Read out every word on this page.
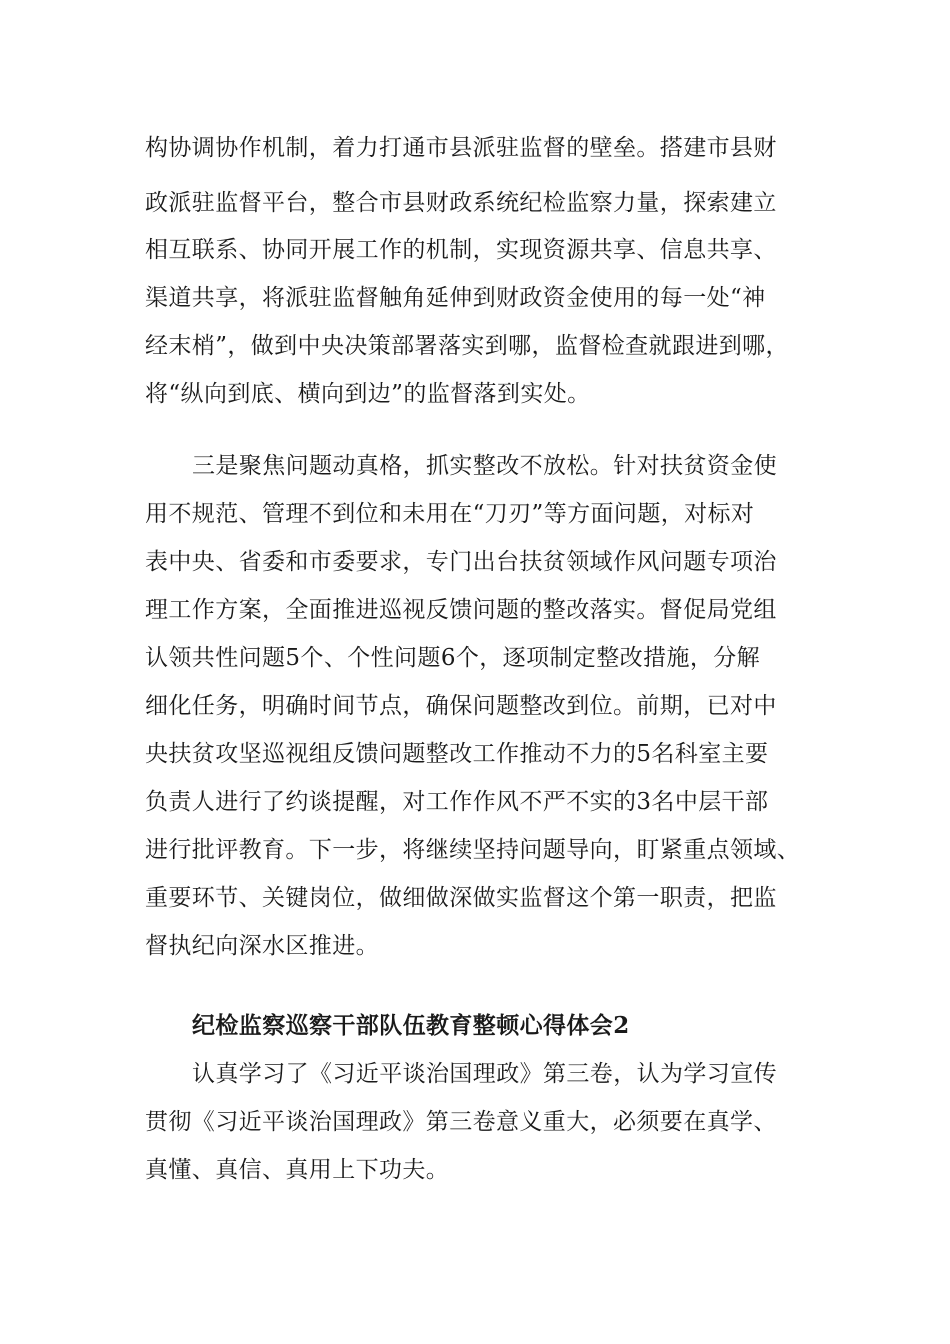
构协调协作机制，着力打通市县派驻监督的壁垒。搭建市县财
政派驻监督平台，整合市县财政系统纪检监察力量，探索建立
相互联系、协同开展工作的机制，实现资源共享、信息共享、
渠道共享，将派驻监督触角延伸到财政资金使用的每一处“神
经末梢”，做到中央决策部署落实到哪，监督检查就跟进到哪，
将“纵向到底、横向到边”的监督落到实处。
三是聚焦问题动真格，抓实整改不放松。针对扶贫资金使
用不规范、管理不到位和未用在“刀刃”等方面问题，对标对
表中央、省委和市委要求，专门出台扶贫领域作风问题专项治
理工作方案，全面推进巡视反馈问题的整改落实。督促局党组
认领共性问题5个、个性问题6个，逐项制定整改措施，分解
细化任务，明确时间节点，确保问题整改到位。前期，已对中
央扶贫攻坚巡视组反馈问题整改工作推动不力的5名科室主要
负责人进行了约谈提醒，对工作作风不严不实的3名中层干部
进行批评教育。下一步，将继续坚持问题导向，盯紧重点领域、
重要环节、关键岗位，做细做深做实监督这个第一职责，把监
督执纪向深水区推进。
纪检监察巡察干部队伍教育整顿心得体会2
认真学习了《习近平谈治国理政》第三卷，认为学习宣传
贯彻《习近平谈治国理政》第三卷意义重大，必须要在真学、
真懂、真信、真用上下功夫。
